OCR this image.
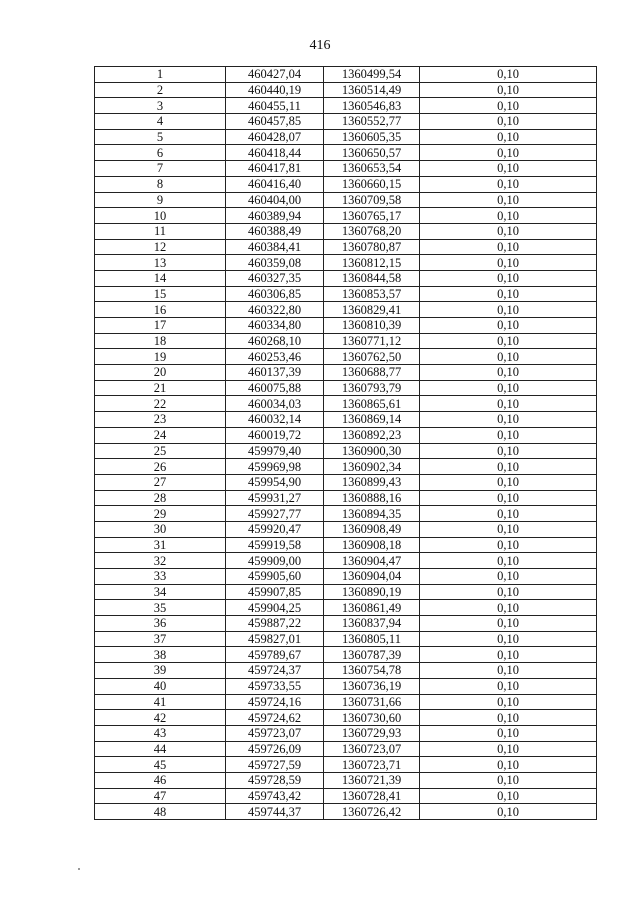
416
1	460427,04	1360499,54	0,10
2	460440,19	1360514,49	0,10
3	460455,11	1360546,83	0,10
4	460457,85	1360552,77	0,10
5	460428,07	1360605,35	0,10
6	460418,44	1360650,57	0,10
7	460417,81	1360653,54	0,10
8	460416,40	1360660,15	0,10
9	460404,00	1360709,58	0,10
10	460389,94	1360765,17	0,10
11	460388,49	1360768,20	0,10
12	460384,41	1360780,87	0,10
13	460359,08	1360812,15	0,10
14	460327,35	1360844,58	0,10
15	460306,85	1360853,57	0,10
16	460322,80	1360829,41	0,10
17	460334,80	1360810,39	0,10
18	460268,10	1360771,12	0,10
19	460253,46	1360762,50	0,10
20	460137,39	1360688,77	0,10
21	460075,88	1360793,79	0,10
22	460034,03	1360865,61	0,10
23	460032,14	1360869,14	0,10
24	460019,72	1360892,23	0,10
25	459979,40	1360900,30	0,10
26	459969,98	1360902,34	0,10
27	459954,90	1360899,43	0,10
28	459931,27	1360888,16	0,10
29	459927,77	1360894,35	0,10
30	459920,47	1360908,49	0,10
31	459919,58	1360908,18	0,10
32	459909,00	1360904,47	0,10
33	459905,60	1360904,04	0,10
34	459907,85	1360890,19	0,10
35	459904,25	1360861,49	0,10
36	459887,22	1360837,94	0,10
37	459827,01	1360805,11	0,10
38	459789,67	1360787,39	0,10
39	459724,37	1360754,78	0,10
40	459733,55	1360736,19	0,10
41	459724,16	1360731,66	0,10
42	459724,62	1360730,60	0,10
43	459723,07	1360729,93	0,10
44	459726,09	1360723,07	0,10
45	459727,59	1360723,71	0,10
46	459728,59	1360721,39	0,10
47	459743,42	1360728,41	0,10
48	459744,37	1360726,42	0,10
